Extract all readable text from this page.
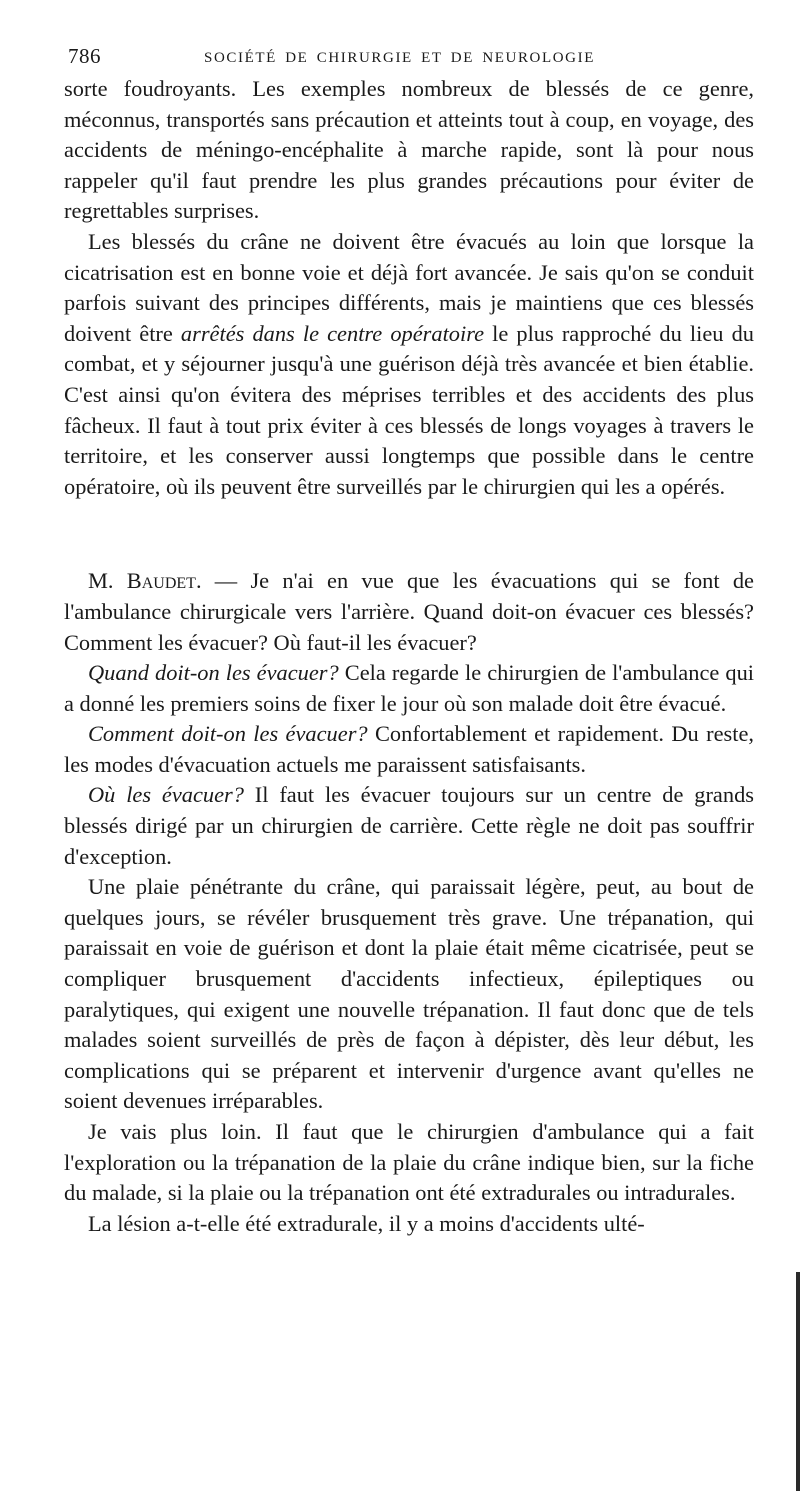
786	SOCIÉTÉ DE CHIRURGIE ET DE NEUROLOGIE

sorte foudroyants. Les exemples nombreux de blessés de ce genre, méconnus, transportés sans précaution et atteints tout à coup, en voyage, des accidents de méningo-encéphalite à marche rapide, sont là pour nous rappeler qu'il faut prendre les plus grandes précautions pour éviter de regrettables surprises.

Les blessés du crâne ne doivent être évacués au loin que lorsque la cicatrisation est en bonne voie et déjà fort avancée. Je sais qu'on se conduit parfois suivant des principes différents, mais je maintiens que ces blessés doivent être arrêtés dans le centre opératoire le plus rapproché du lieu du combat, et y séjourner jusqu'à une guérison déjà très avancée et bien établie. C'est ainsi qu'on évitera des méprises terribles et des accidents des plus fâcheux. Il faut à tout prix éviter à ces blessés de longs voyages à travers le territoire, et les conserver aussi longtemps que possible dans le centre opératoire, où ils peuvent être surveillés par le chirurgien qui les a opérés.

M. Baudet. — Je n'ai en vue que les évacuations qui se font de l'ambulance chirurgicale vers l'arrière. Quand doit-on évacuer ces blessés? Comment les évacuer? Où faut-il les évacuer?

Quand doit-on les évacuer? Cela regarde le chirurgien de l'ambulance qui a donné les premiers soins de fixer le jour où son malade doit être évacué.

Comment doit-on les évacuer? Confortablement et rapidement. Du reste, les modes d'évacuation actuels me paraissent satisfaisants.

Où les évacuer? Il faut les évacuer toujours sur un centre de grands blessés dirigé par un chirurgien de carrière. Cette règle ne doit pas souffrir d'exception.

Une plaie pénétrante du crâne, qui paraissait légère, peut, au bout de quelques jours, se révéler brusquement très grave. Une trépanation, qui paraissait en voie de guérison et dont la plaie était même cicatrisée, peut se compliquer brusquement d'accidents infectieux, épileptiques ou paralytiques, qui exigent une nouvelle trépanation. Il faut donc que de tels malades soient surveillés de près de façon à dépister, dès leur début, les complications qui se préparent et intervenir d'urgence avant qu'elles ne soient devenues irréparables.

Je vais plus loin. Il faut que le chirurgien d'ambulance qui a fait l'exploration ou la trépanation de la plaie du crâne indique bien, sur la fiche du malade, si la plaie ou la trépanation ont été extradurales ou intradurales.

La lésion a-t-elle été extradurale, il y a moins d'accidents ulté-
